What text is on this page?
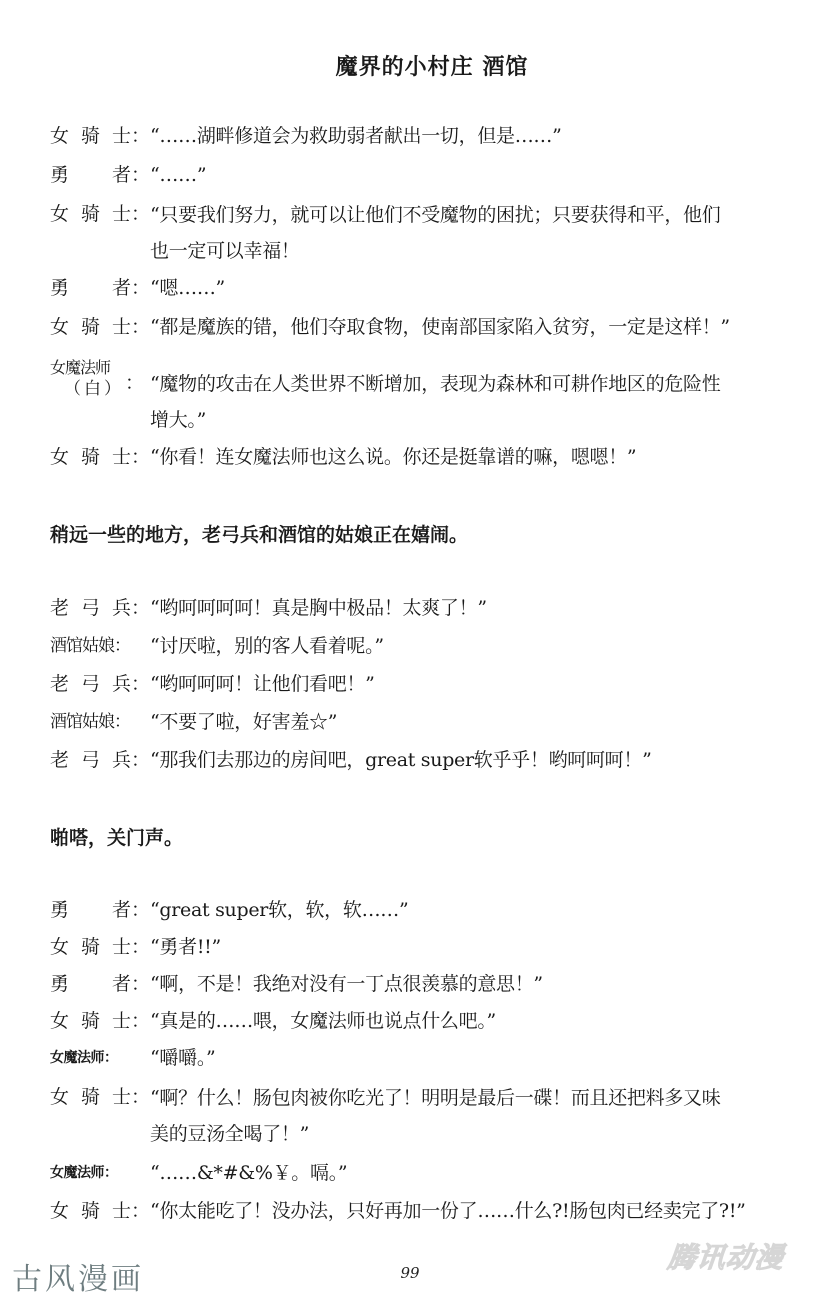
魔界的小村庄 酒馆
女 骑 士： “……湖畔修道会为救助弱者献出一切，但是……”
勇 者： “……”
女 骑 士： “只要我们努力，就可以让他们不受魔物的困扰；只要获得和平，他们
也一定可以幸福！
勇 者： “嗯……”
女 骑 士： “都是魔族的错，他们夺取食物，使南部国家陷入贫穷，一定是这样！”
女魔法师
（白） ： “魔物的攻击在人类世界不断增加，表现为森林和可耕作地区的危险性
增大。”
女 骑 士： “你看！连女魔法师也这么说。你还是挺靠谱的嘛，嗯嗯！”
稍远一些的地方，老弓兵和酒馆的姑娘正在嬉闹。
老 弓 兵： “哟呵呵呵呵！真是胸中极品！太爽了！”
酒馆姑娘 ： “讨厌啦，别的客人看着呢。”
老 弓 兵： “哟呵呵呵！让他们看吧！”
酒馆姑娘 ： “不要了啦，好害羞☆”
老 弓 兵： “那我们去那边的房间吧，great super软乎乎！哟呵呵呵！”
啪嗒，关门声。
勇 者： “great super软，软，软……”
女 骑 士： “勇者!!”
勇 者： “啊，不是！我绝对没有一丁点很羡慕的意思！”
女 骑 士： “真是的……喂，女魔法师也说点什么吧。”
女魔法师 ： “嚼嚼。”
女 骑 士： “啊？什么！肠包肉被你吃光了！明明是最后一碟！而且还把料多又味
美的豆汤全喝了！”
女魔法师 ： “……&*#&%￥。嗝。”
女 骑 士： “你太能吃了！没办法，只好再加一份了……什么?!肠包肉已经卖完了?!”
古风漫画	99	腾讯动漫
